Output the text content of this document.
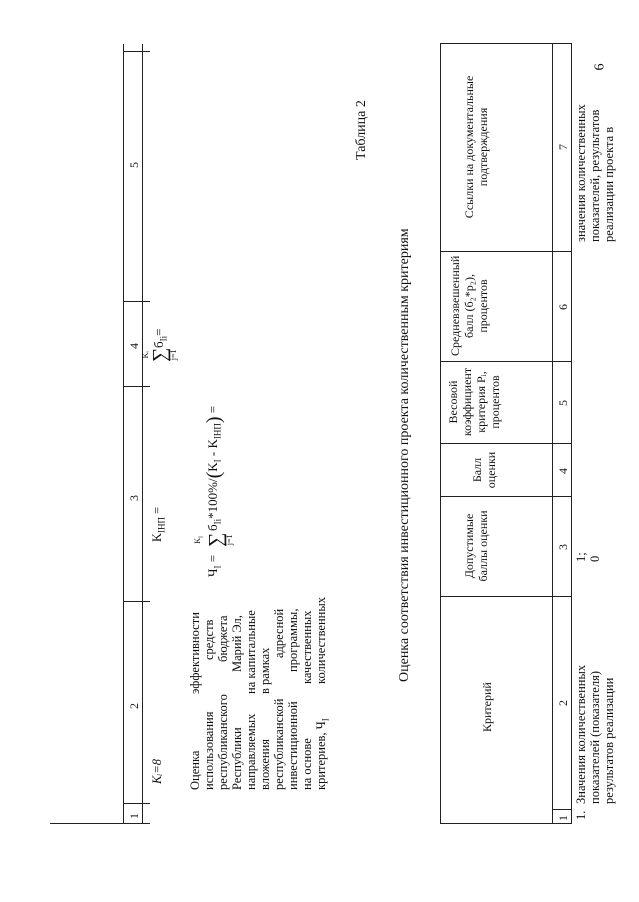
6
1
2
3
4
5
Kᵢ=8
$K_{ІНП}$ =
Kᵢ ∑
j=1
$б_{Ii}=$
Оценка использования республиканского Республики направляемых вложения республиканской инвестиционной на основе критериев, $Ч_I$
эффективности средств бюджета Марий Эл, на капитальные в рамках
адресной программы, качественных количественных
$Ч_I$ =
$K_I$ ∑
j=1
$б_{Ii}*100\%/(K_I - K_{ІНП})$ =
Таблица 2
Оценка соответствия инвестиционного проекта количественным критериям
Критерий
Допустимые баллы оценки
Балл оценки
Весовой коэффициент критерия Pᵢ, процентов
Средневзвешенный балл (б₂*p₂), процентов
Ссылки на документальные подтверждения
1
2
3
4
5
6
7
1.
Значения количественных показателей (показателя) результатов реализации
1; 0
значения количественных показателей, результатов реализации проекта в
